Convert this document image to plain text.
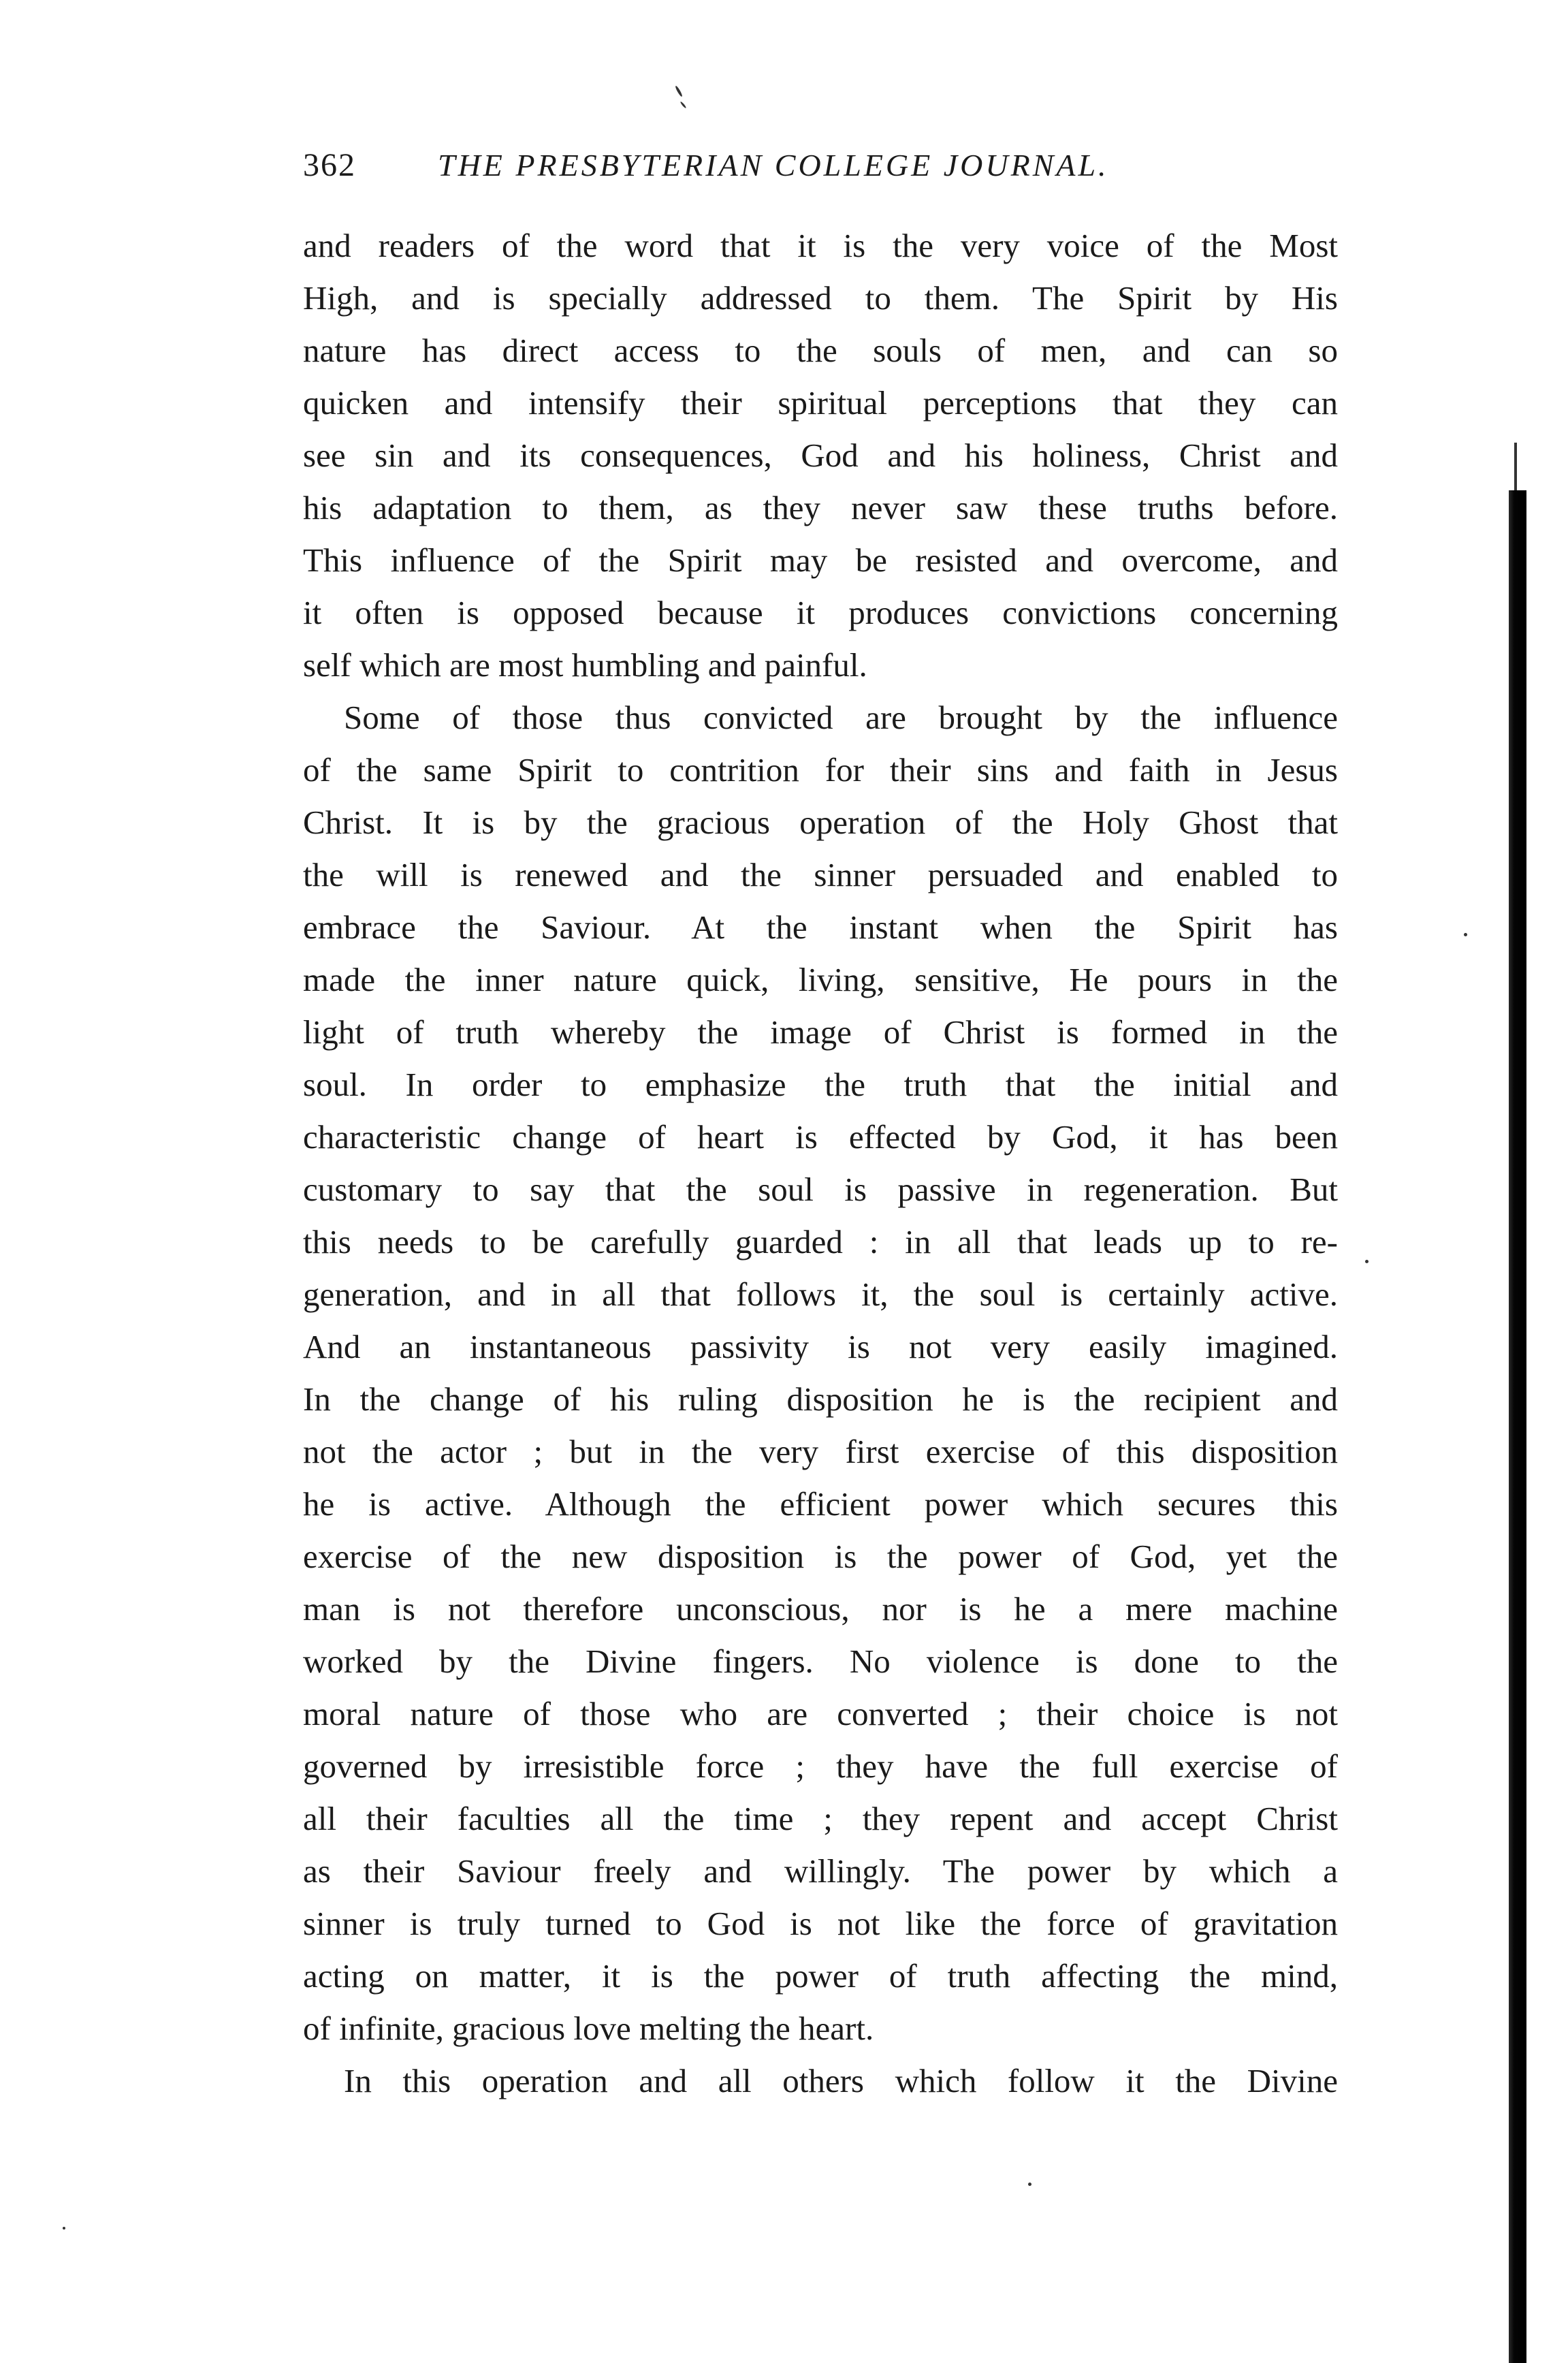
362	THE PRESBYTERIAN COLLEGE JOURNAL.
and readers of the word that it is the very voice of the Most
High, and is specially addressed to them. The Spirit by His
nature has direct access to the souls of men, and can so
quicken and intensify their spiritual perceptions that they can
see sin and its consequences, God and his holiness, Christ and
his adaptation to them, as they never saw these truths before.
This influence of the Spirit may be resisted and overcome, and
it often is opposed because it produces convictions concerning
self which are most humbling and painful.
Some of those thus convicted are brought by the influence
of the same Spirit to contrition for their sins and faith in Jesus
Christ. It is by the gracious operation of the Holy Ghost that
the will is renewed and the sinner persuaded and enabled to
embrace the Saviour. At the instant when the Spirit has
made the inner nature quick, living, sensitive, He pours in the
light of truth whereby the image of Christ is formed in the
soul. In order to emphasize the truth that the initial and
characteristic change of heart is effected by God, it has been
customary to say that the soul is passive in regeneration. But
this needs to be carefully guarded : in all that leads up to re-
generation, and in all that follows it, the soul is certainly active.
And an instantaneous passivity is not very easily imagined.
In the change of his ruling disposition he is the recipient and
not the actor ; but in the very first exercise of this disposition
he is active. Although the efficient power which secures this
exercise of the new disposition is the power of God, yet the
man is not therefore unconscious, nor is he a mere machine
worked by the Divine fingers. No violence is done to the
moral nature of those who are converted ; their choice is not
governed by irresistible force ; they have the full exercise of
all their faculties all the time ; they repent and accept Christ
as their Saviour freely and willingly. The power by which a
sinner is truly turned to God is not like the force of gravitation
acting on matter, it is the power of truth affecting the mind,
of infinite, gracious love melting the heart.
In this operation and all others which follow it the Divine
